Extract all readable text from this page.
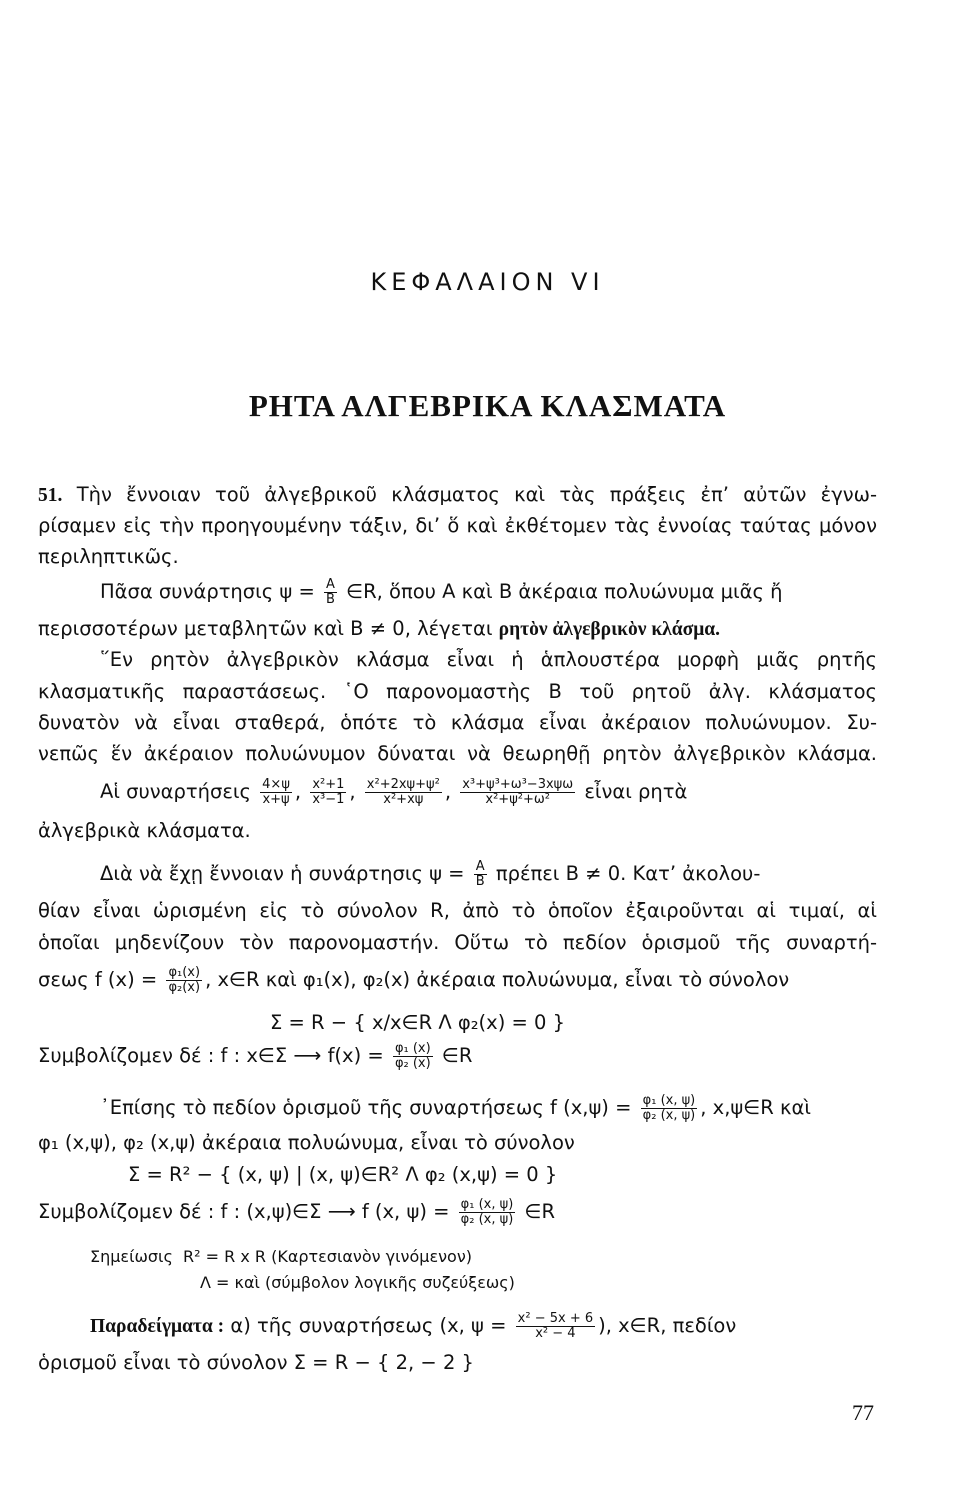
ΚΕΦΑΛΑΙΟΝ VI
ΡΗΤΑ ΑΛΓΕΒΡΙΚΑ ΚΛΑΣΜΑΤΑ
51. Τὴν ἔννοιαν τοῦ ἀλγεβρικοῦ κλάσματος καὶ τὰς πράξεις ἐπ’ αὐτῶν ἐγνω-
ρίσαμεν εἰς τὴν προηγουμένην τάξιν, δι’ ὅ καὶ ἐκθέτομεν τὰς ἐννοίας ταύτας μόνον
περιληπτικῶς.
Πᾶσα συνάρτησις $\psi = \frac{A}{B}$ ∈R, ὅπου Α καὶ Β ἀκέραια πολυώνυμα μιᾶς ἤ
περισσοτέρων μεταβλητῶν καὶ Β ≠ 0, λέγεται ρητὸν ἀλγεβρικὸν κλάσμα.
῞Εν ρητὸν ἀλγεβρικὸν κλάσμα εἶναι ἡ ἁπλουστέρα μορφὴ μιᾶς ρητῆς
κλασματικῆς παραστάσεως. ῾Ο παρονομαστὴς Β τοῦ ρητοῦ ἀλγ. κλάσματος
δυνατὸν νὰ εἶναι σταθερά, ὁπότε τὸ κλάσμα εἶναι ἀκέραιον πολυώνυμον. Συ-
νεπῶς ἕν ἀκέραιον πολυώνυμον δύναται νὰ θεωρηθῇ ρητὸν ἀλγεβρικὸν κλάσμα.
Αἱ συναρτήσεις $\frac{4\times\psi}{x+\psi}$ , $\frac{\text{x²+1}}{\text{x³−1}}$ , $\frac{\text{x²+2xψ+ψ²}}{\text{x²+xψ}}$ , $\frac{\text{x³+ψ³+ω³−3xψω}}{\text{x²+ψ²+ω²}}$ εἶναι ρητὰ
ἀλγεβρικὰ κλάσματα.
Διὰ νὰ ἔχῃ ἔννοιαν ἡ συνάρτησις $\psi = \frac{A}{B}$ πρέπει Β ≠ 0. Κατ’ ἀκολου-
θίαν εἶναι ὡρισμένη εἰς τὸ σύνολον R, ἀπὸ τὸ ὁποῖον ἐξαιροῦνται αἱ τιμαί, αἱ
ὁποῖαι μηδενίζουν τὸν παρονομαστήν. Οὕτω τὸ πεδίον ὁρισμοῦ τῆς συναρτή-
σεως f $(x) = \frac{\text{φ₁(x)}}{\text{φ₂(x)}}$ , x∈R καὶ φ₁(x), φ₂(x) ἀκέραια πολυώνυμα, εἶναι τὸ σύνολον
Σ = R − { x/x∈R Λ φ₂(x) = 0 }
Συμβολίζομεν δέ : f : x∈Σ ⟶ $f(x) = \frac{\text{φ₁ (x)}}{\text{φ₂ (x)}}$ ∈R
᾿Επίσης τὸ πεδίον ὁρισμοῦ τῆς συναρτήσεως f $(x,\psi) = \frac{\text{φ₁ (x, ψ)}}{\text{φ₂ (x, ψ)}}$ , x,ψ∈R καὶ
φ₁ (x,ψ), φ₂ (x,ψ) ἀκέραια πολυώνυμα, εἶναι τὸ σύνολον
Σ = R² − { (x, ψ) | (x, ψ)∈R² Λ φ₂ (x,ψ) = 0 }
Συμβολίζομεν δέ : f : (x,ψ)∈Σ ⟶ f (x, $\psi) = \frac{\text{φ₁ (x, ψ)}}{\text{φ₂ (x, ψ)}}$ ∈R
Σημείωσις R² = R x R (Καρτεσιανὸν γινόμενον)
Λ = καὶ (σύμβολον λογικῆς συζεύξεως)
Παραδείγματα : α) τῆς συναρτήσεως (x, $\psi = \frac{\text{x² − 5x + 6}}{\text{x² − 4}}$ ), x∈R, πεδίον
ὁρισμοῦ εἶναι τὸ σύνολον Σ = R − { 2, − 2 }
77
